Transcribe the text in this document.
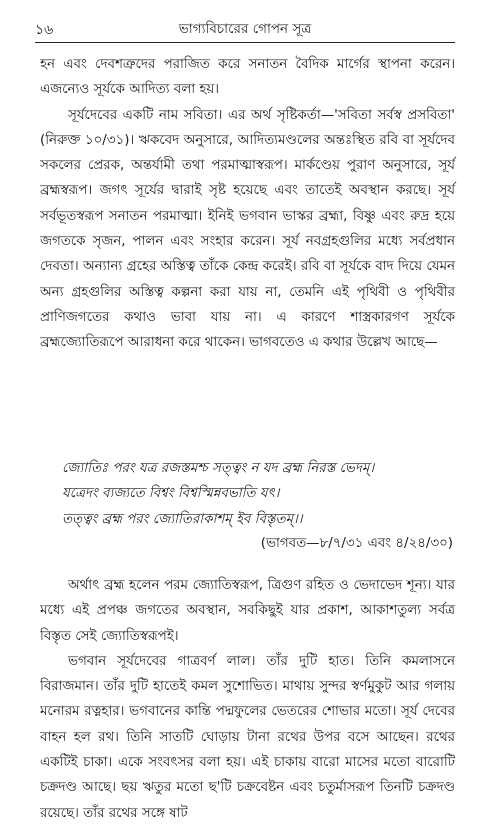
১৬	ভাগ্যবিচারের গোপন সূত্র

হন এবং দেবশত্রুদের পরাজিত করে সনাতন বৈদিক মার্গের স্থাপনা করেন। এজন্যেও সূর্যকে আদিত্য বলা হয়।

সূর্যদেবের একটি নাম সবিতা। এর অর্থ সৃষ্টিকর্তা—'সবিতা সর্বস্ব প্রসবিতা' (নিরুক্ত ১০/৩১)। ঋকবেদ অনুসারে, আদিত্যমণ্ডলের অন্তঃস্থিত রবি বা সূর্যদেব সকলের প্রেরক, অন্তর্যামী তথা পরমাত্মাস্বরূপ। মার্কণ্ডেয় পুরাণ অনুসারে, সূর্য ব্রহ্মস্বরূপ। জগৎ সূর্যের দ্বারাই সৃষ্ট হয়েছে এবং তাতেই অবস্থান করছে। সূর্য সর্বভূতস্বরূপ সনাতন পরমাত্মা। ইনিই ভগবান ভাস্কর ব্রহ্মা, বিষ্ণু এবং রুদ্র হয়ে জগতকে সৃজন, পালন এবং সংহার করেন। সূর্য নবগ্রহগুলির মধ্যে সর্বপ্রধান দেবতা। অন্যান্য গ্রহের অস্তিত্ব তাঁকে কেন্দ্র করেই। রবি বা সূর্যকে বাদ দিয়ে যেমন অন্য গ্রহগুলির অস্তিত্ব কল্পনা করা যায় না, তেমনি এই পৃথিবী ও পৃথিবীর প্রাণিজগতের কথাও ভাবা যায় না। এ কারণে শাস্ত্রকারগণ সূর্যকে ব্রহ্মজ্যোতিরূপে আরাধনা করে থাকেন। ভাগবতেও এ কথার উল্লেখ আছে—

জ্যোতিঃ পরং যত্র রজস্তমশ্চ সত্ত্বং ন যদ ব্রহ্ম নিরস্ত ভেদম্।

যত্রেদং ব্যজ্যতে বিশ্বং বিশ্বস্মিন্নবভাতি যৎ।

তত্ত্বং ব্রহ্ম পরং জ্যোতিরাকাশম্ ইব বিস্তৃতম্।।

(ভাগবত—৮/৭/৩১ এবং ৪/২৪/৩০)

অর্থাৎ ব্রহ্ম হলেন পরম জ্যোতিস্বরূপ, ত্রিগুণ রহিত ও ভেদাভেদ শূন্য। যার মধ্যে এই প্রপঞ্চ জগতের অবস্থান, সবকিছুই যার প্রকাশ, আকাশতুল্য সর্বত্র বিস্তৃত সেই জ্যোতিস্বরূপই।

ভগবান সূর্যদেবের গাত্রবর্ণ লাল। তাঁর দুটি হাত। তিনি কমলাসনে বিরাজমান। তাঁর দুটি হাতেই কমল সুশোভিত। মাথায় সুন্দর স্বর্ণমুকুট আর গলায় মনোরম রত্নহার। ভগবানের কান্তি পদ্মফুলের ভেতরের শোভার মতো। সূর্য দেবের বাহন হল রথ। তিনি সাতটি ঘোড়ায় টানা রথের উপর বসে আছেন। রথের একটিই চাকা। একে সংবৎসর বলা হয়। এই চাকায় বারো মাসের মতো বারোটি চক্রদণ্ড আছে। ছয় ঋতুর মতো ছ'টি চক্রবেষ্টন এবং চতুর্মাসরূপ তিনটি চক্রদণ্ড রয়েছে। তাঁর রথের সঙ্গে ষাট
